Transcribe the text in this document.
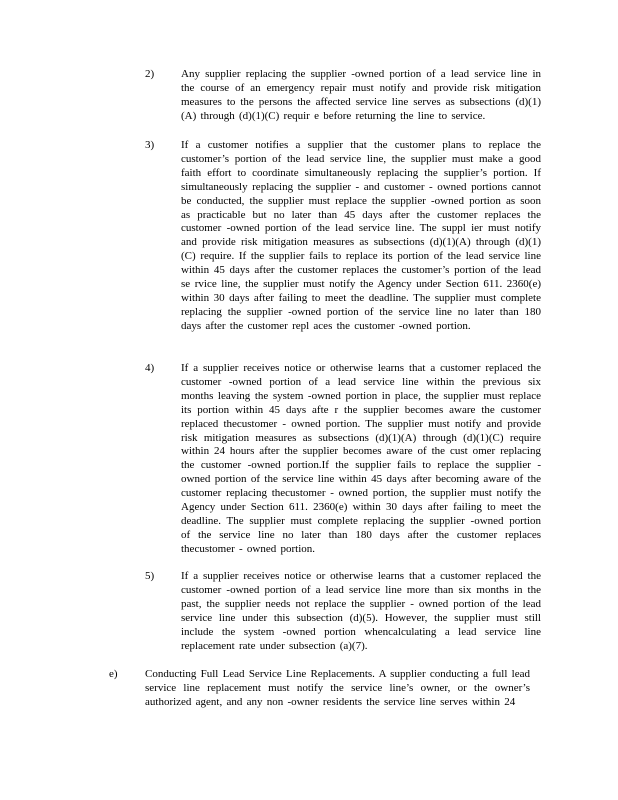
2) Any supplier replacing the supplier -owned portion of a lead service line in the course of an emergency repair must notify and provide risk mitigation measures to the persons the affected service line serves as subsections (d)(1)(A) through (d)(1)(C) requir e before returning the line to service.
3) If a customer notifies a supplier that the customer plans to replace the customer’s portion of the lead service line, the supplier must make a good faith effort to coordinate simultaneously replacing the supplier’s portion. If simultaneously replacing the supplier - and customer - owned portions cannot be conducted, the supplier must replace the supplier -owned portion as soon as practicable but no later than 45 days after the customer replaces the customer -owned portion of the lead service line. The suppl ier must notify and provide risk mitigation measures as subsections (d)(1)(A) through (d)(1)(C) require. If the supplier fails to replace its portion of the lead service line within 45 days after the customer replaces the customer’s portion of the lead se rvice line, the supplier must notify the Agency under Section 611. 2360(e) within 30 days after failing to meet the deadline. The supplier must complete replacing the supplier -owned portion of the service line no later than 180 days after the customer repl aces the customer -owned portion.
4) If a supplier receives notice or otherwise learns that a customer replaced the customer -owned portion of a lead service line within the previous six months leaving the system -owned portion in place, the supplier must replace its portion within 45 days afte r the supplier becomes aware the customer replaced thecustomer - owned portion. The supplier must notify and provide risk mitigation measures as subsections (d)(1)(A) through (d)(1)(C) require within 24 hours after the supplier becomes aware of the cust omer replacing the customer -owned portion.If the supplier fails to replace the supplier -owned portion of the service line within 45 days after becoming aware of the customer replacing thecustomer - owned portion, the supplier must notify the Agency under Section 611. 2360(e) within 30 days after failing to meet the deadline. The supplier must complete replacing the supplier -owned portion of the service line no later than 180 days after the customer replaces thecustomer - owned portion.
5) If a supplier receives notice or otherwise learns that a customer replaced the customer -owned portion of a lead service line more than six months in the past, the supplier needs not replace the supplier - owned portion of the lead service line under this subsection (d)(5). However, the supplier must still include the system -owned portion whencalculating a lead service line replacement rate under subsection (a)(7).
e) Conducting Full Lead Service Line Replacements. A supplier conducting a full lead service line replacement must notify the service line’s owner, or the owner’s authorized agent, and any non -owner residents the service line serves within 24
